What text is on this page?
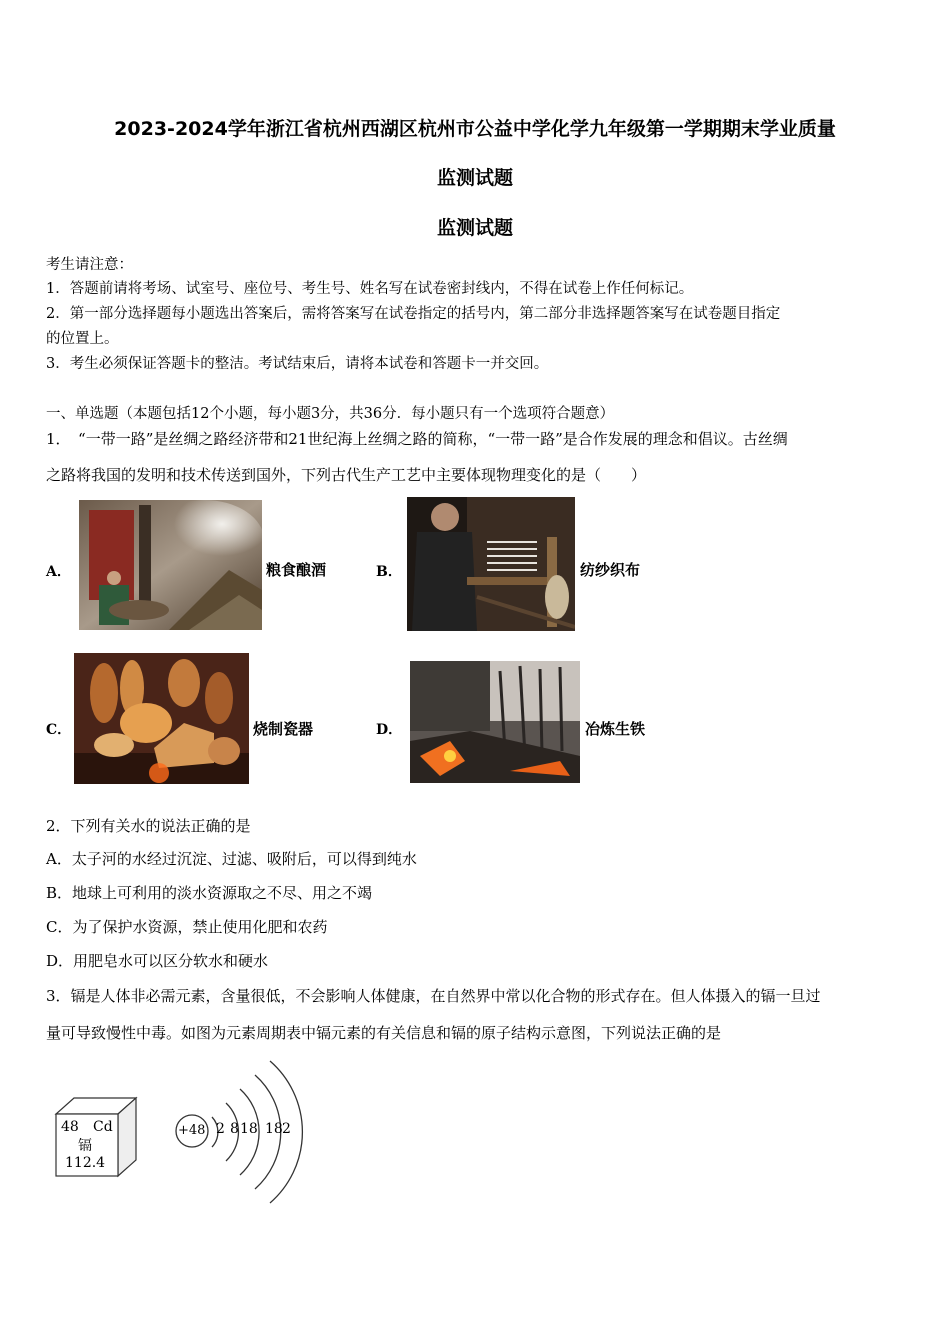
2023-2024学年浙江省杭州西湖区杭州市公益中学化学九年级第一学期期末学业质量
监测试题
监测试题
考生请注意：
1．答题前请将考场、试室号、座位号、考生号、姓名写在试卷密封线内，不得在试卷上作任何标记。
2．第一部分选择题每小题选出答案后，需将答案写在试卷指定的括号内，第二部分非选择题答案写在试卷题目指定
的位置上。
3．考生必须保证答题卡的整洁。考试结束后，请将本试卷和答题卡一并交回。
一、单选题（本题包括12个小题，每小题3分，共36分．每小题只有一个选项符合题意）
1．　“一带一路”是丝绸之路经济带和21世纪海上丝绸之路的简称，“一带一路”是合作发展的理念和倡议。古丝绸
之路将我国的发明和技术传送到国外，下列古代生产工艺中主要体现物理变化的是（　　）
A．	粮食酿酒	B．	纺纱织布
C．	烧制瓷器	D．	冶炼生铁
2．下列有关水的说法正确的是
A．太子河的水经过沉淀、过滤、吸附后，可以得到纯水
B．地球上可利用的淡水资源取之不尽、用之不竭
C．为了保护水资源，禁止使用化肥和农药
D．用肥皂水可以区分软水和硬水
3．镉是人体非必需元素，含量很低，不会影响人体健康，在自然界中常以化合物的形式存在。但人体摄入的镉一旦过
量可导致慢性中毒。如图为元素周期表中镉元素的有关信息和镉的原子结构示意图，下列说法正确的是
48 Cd
镉
112.4
+48 2 8 18 18 2
